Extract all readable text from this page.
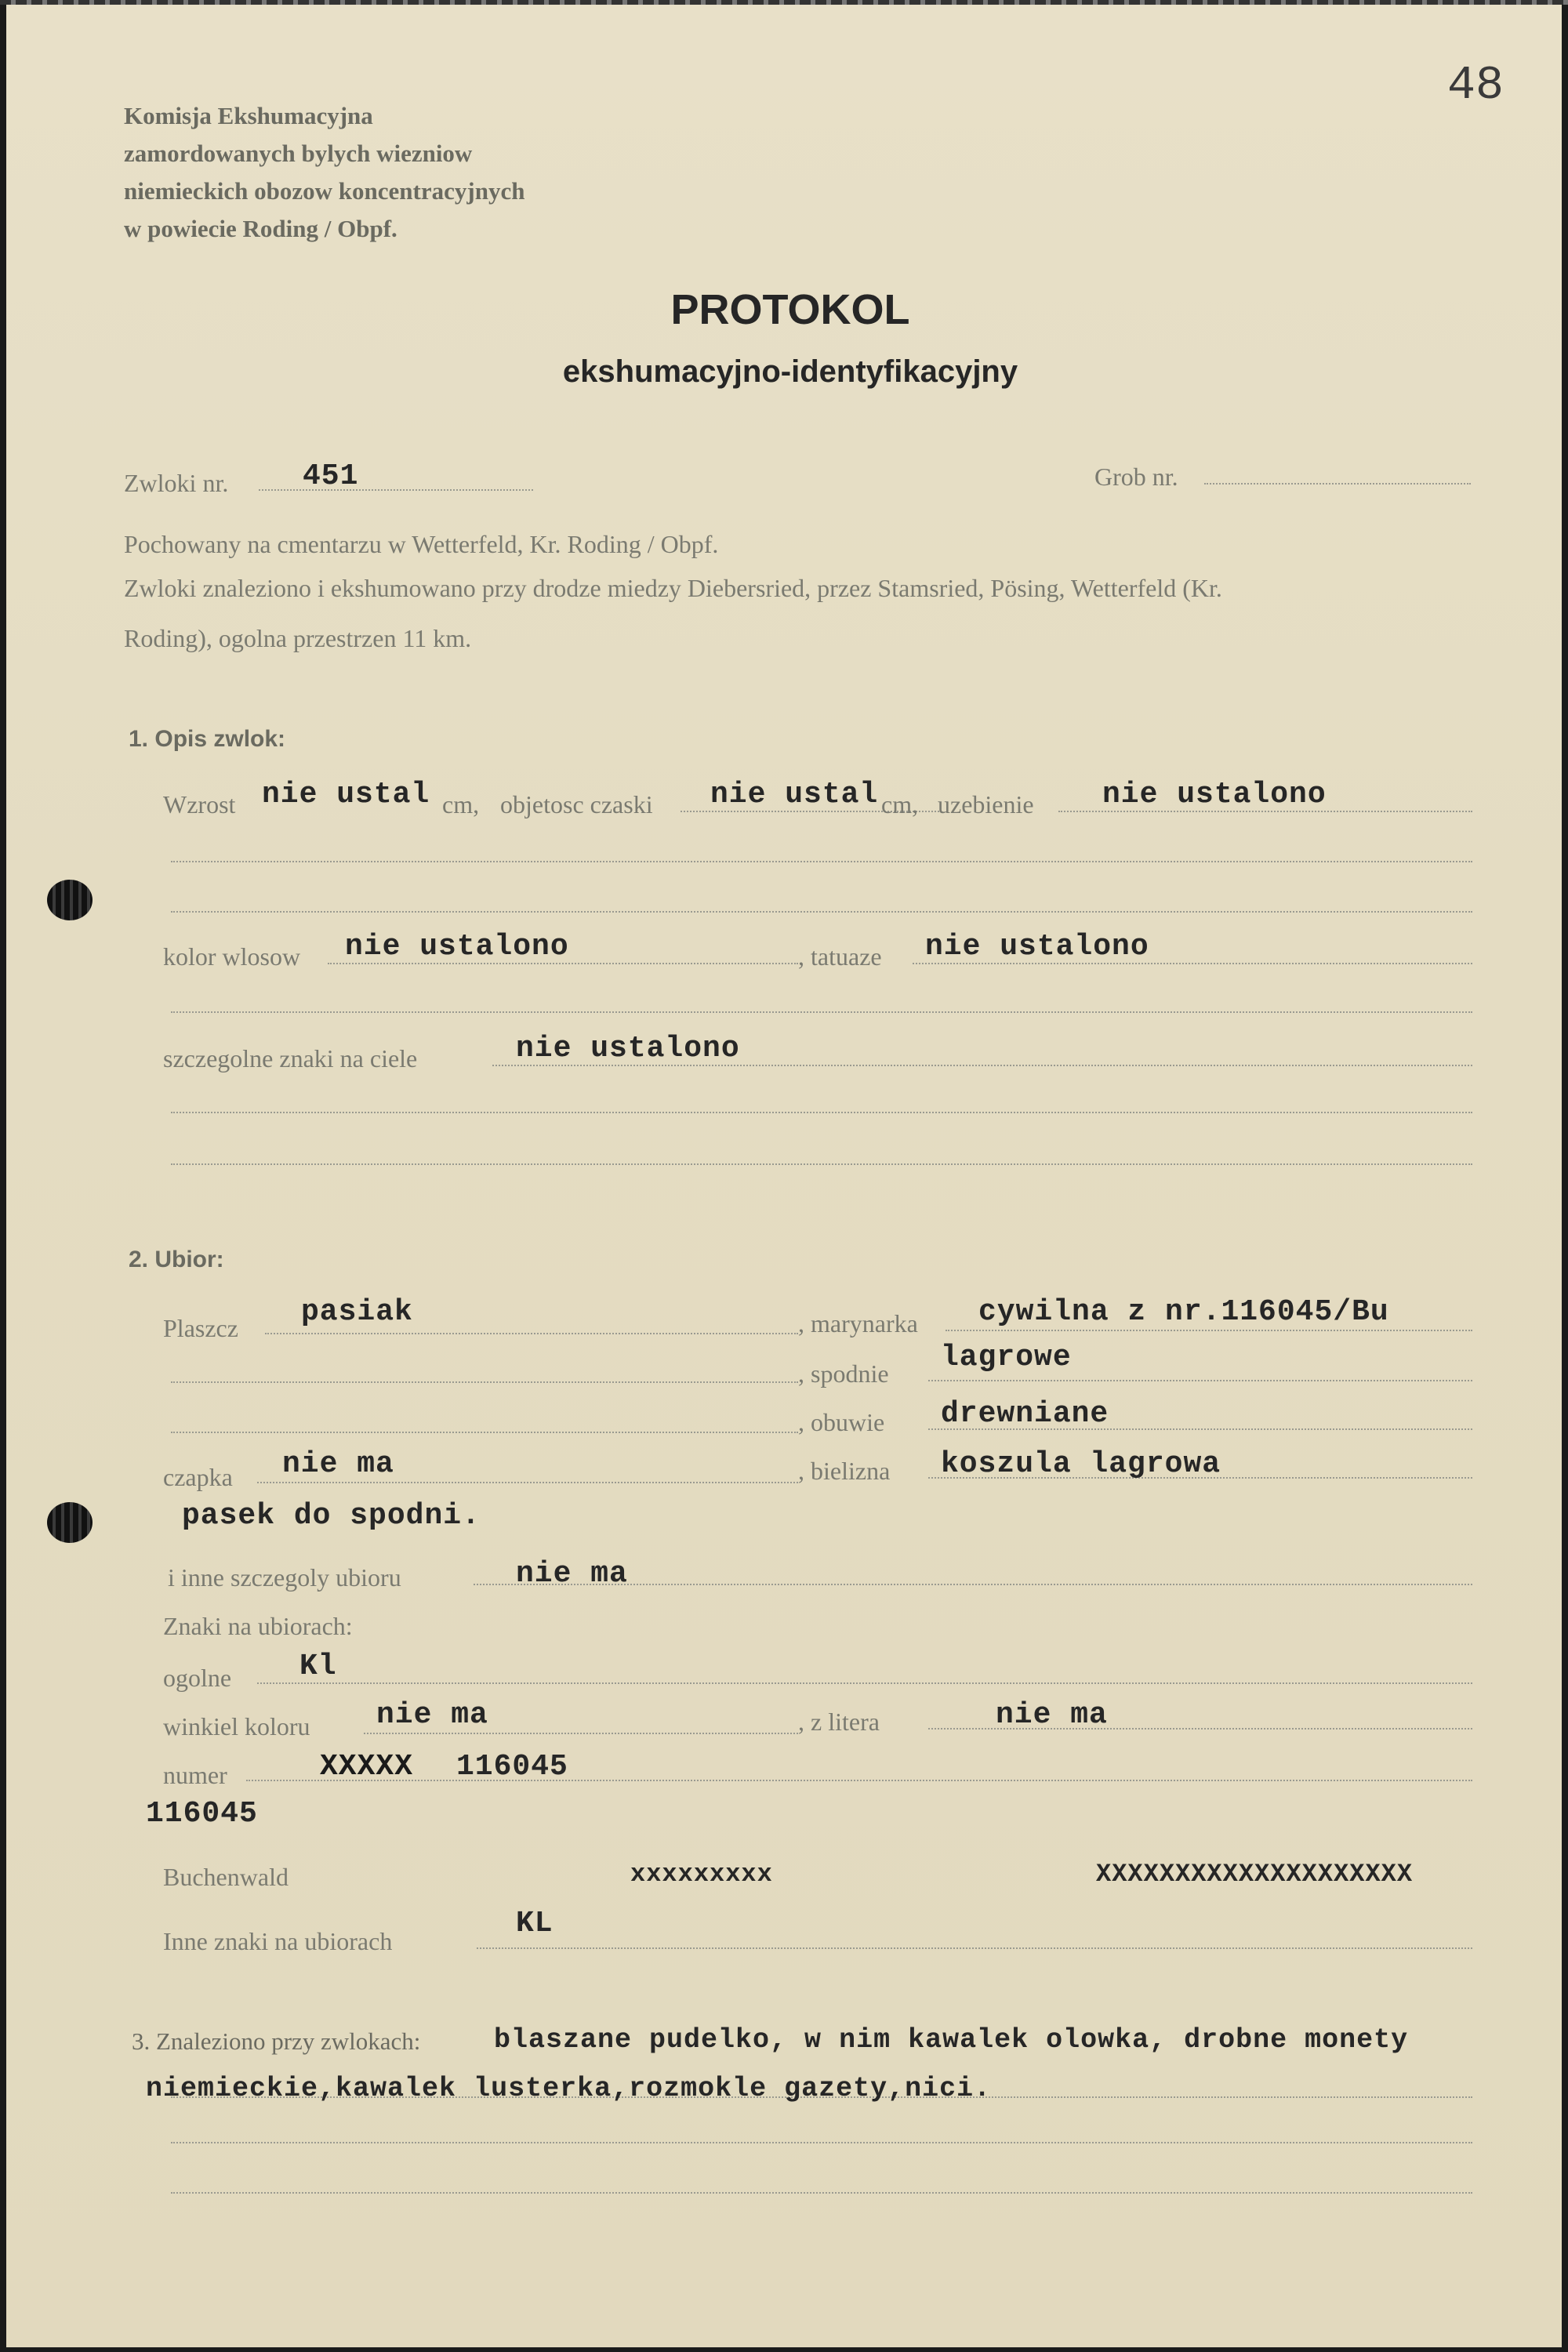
48
Komisja Ekshumacyjna
zamordowanych bylych wiezniow
niemieckich obozow koncentracyjnych
w powiecie Roding / Obpf.
PROTOKOL
ekshumacyjno-identyfikacyjny
Zwloki nr. 451	Grob nr.
Pochowany na cmentarzu w Wetterfeld, Kr. Roding / Obpf.
Zwloki znaleziono i ekshumowano przy drodze miedzy Diebersried, przez Stamsried, Pösing, Wetterfeld (Kr.
Roding), ogolna przestrzen 11 km.
1. Opis zwlok:
Wzrost nie ustal cm, objetosc czaski nie ustal cm, uzebienie nie ustalono
kolor wlosow nie ustalono	, tatuaze nie ustalono
szczegolne znaki na ciele	nie ustalono
2. Ubior:
Plaszcz pasiak	, marynarka cywilna z nr.116045/Bu
, spodnie lagrowe
, obuwie drewniane
czapka nie ma	, bielizna koszula lagrowa
pasek do spodni.
i inne szczegoly ubioru	nie ma
Znaki na ubiorach:
ogolne Kl
winkiel koloru nie ma	, z litera	nie ma
numer	XXXXX 116045
116045
Buchenwald	xxxxxxxxx	XXXXXXXXXXXXXXXXXXXX
Inne znaki na ubiorach
KL
3. Znaleziono przy zwlokach:	blaszane pudelko, w nim kawalek olowka, drobne monety
niemieckie,kawalek lusterka,rozmokle gazety,nici.
